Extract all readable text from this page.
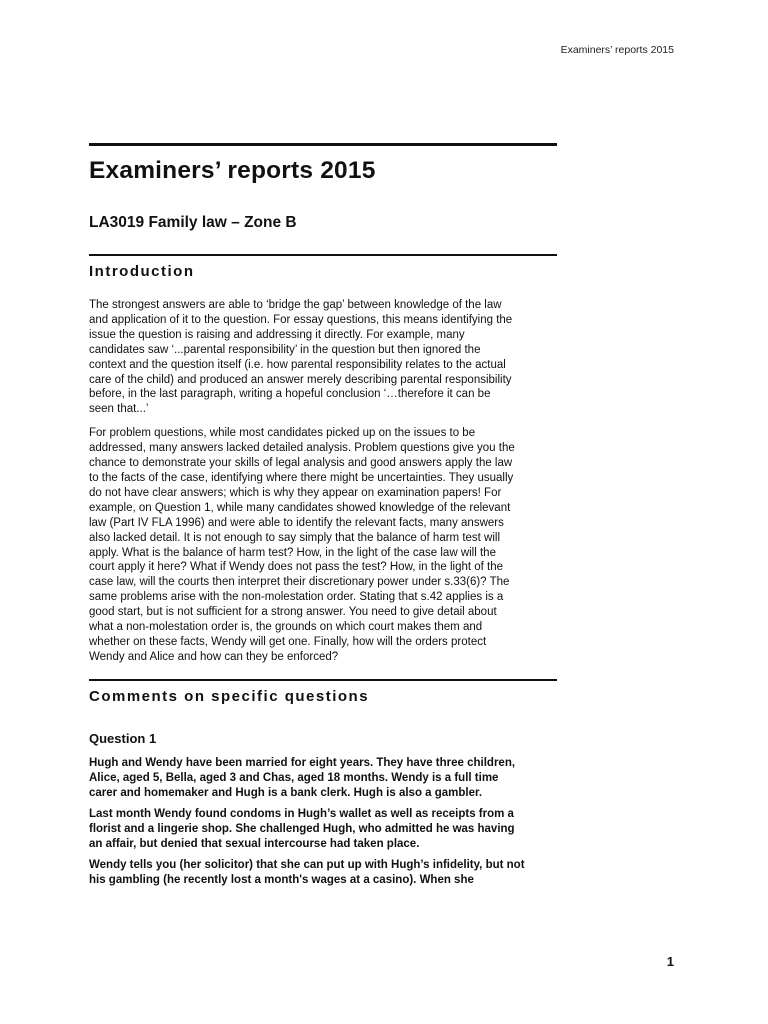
Examiners’ reports 2015
Examiners’ reports 2015
LA3019 Family law – Zone B
Introduction

The strongest answers are able to ‘bridge the gap’ between knowledge of the law
and application of it to the question. For essay questions, this means identifying the
issue the question is raising and addressing it directly. For example, many
candidates saw ‘...parental responsibility’ in the question but then ignored the
context and the question itself (i.e. how parental responsibility relates to the actual
care of the child) and produced an answer merely describing parental responsibility
before, in the last paragraph, writing a hopeful conclusion ‘…therefore it can be
seen that...’

For problem questions, while most candidates picked up on the issues to be
addressed, many answers lacked detailed analysis. Problem questions give you the
chance to demonstrate your skills of legal analysis and good answers apply the law
to the facts of the case, identifying where there might be uncertainties. They usually
do not have clear answers; which is why they appear on examination papers! For
example, on Question 1, while many candidates showed knowledge of the relevant
law (Part IV FLA 1996) and were able to identify the relevant facts, many answers
also lacked detail. It is not enough to say simply that the balance of harm test will
apply. What is the balance of harm test? How, in the light of the case law will the
court apply it here? What if Wendy does not pass the test? How, in the light of the
case law, will the courts then interpret their discretionary power under s.33(6)? The
same problems arise with the non-molestation order. Stating that s.42 applies is a
good start, but is not sufficient for a strong answer. You need to give detail about
what a non-molestation order is, the grounds on which court makes them and
whether on these facts, Wendy will get one. Finally, how will the orders protect
Wendy and Alice and how can they be enforced?

Comments on specific questions
Question 1

Hugh and Wendy have been married for eight years. They have three children,
Alice, aged 5, Bella, aged 3 and Chas, aged 18 months. Wendy is a full time
carer and homemaker and Hugh is a bank clerk. Hugh is also a gambler.

Last month Wendy found condoms in Hugh’s wallet as well as receipts from a
florist and a lingerie shop. She challenged Hugh, who admitted he was having
an affair, but denied that sexual intercourse had taken place.

Wendy tells you (her solicitor) that she can put up with Hugh’s infidelity, but not
his gambling (he recently lost a month's wages at a casino). When she

1
